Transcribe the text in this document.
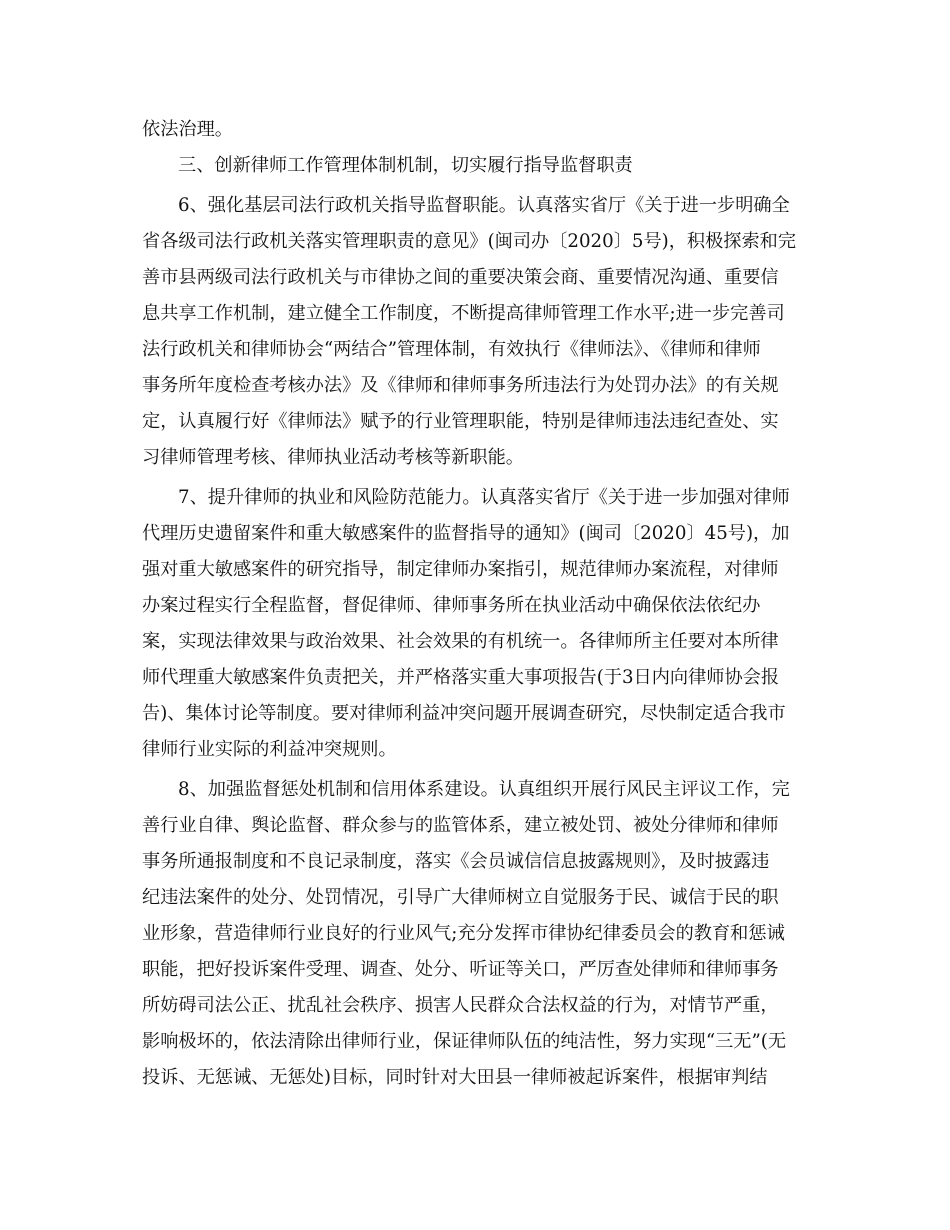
依法治理。
三、创新律师工作管理体制机制，切实履行指导监督职责
6、强化基层司法行政机关指导监督职能。认真落实省厅《关于进一步明确全
省各级司法行政机关落实管理职责的意见》(闽司办〔2020〕5号)，积极探索和完
善市县两级司法行政机关与市律协之间的重要决策会商、重要情况沟通、重要信
息共享工作机制，建立健全工作制度，不断提高律师管理工作水平;进一步完善司
法行政机关和律师协会“两结合”管理体制，有效执行《律师法》、《律师和律师
事务所年度检查考核办法》及《律师和律师事务所违法行为处罚办法》的有关规
定，认真履行好《律师法》赋予的行业管理职能，特别是律师违法违纪查处、实
习律师管理考核、律师执业活动考核等新职能。
7、提升律师的执业和风险防范能力。认真落实省厅《关于进一步加强对律师
代理历史遗留案件和重大敏感案件的监督指导的通知》(闽司〔2020〕45号)，加
强对重大敏感案件的研究指导，制定律师办案指引，规范律师办案流程，对律师
办案过程实行全程监督，督促律师、律师事务所在执业活动中确保依法依纪办
案，实现法律效果与政治效果、社会效果的有机统一。各律师所主任要对本所律
师代理重大敏感案件负责把关，并严格落实重大事项报告(于3日内向律师协会报
告)、集体讨论等制度。要对律师利益冲突问题开展调查研究，尽快制定适合我市
律师行业实际的利益冲突规则。
8、加强监督惩处机制和信用体系建设。认真组织开展行风民主评议工作，完
善行业自律、舆论监督、群众参与的监管体系，建立被处罚、被处分律师和律师
事务所通报制度和不良记录制度，落实《会员诚信信息披露规则》，及时披露违
纪违法案件的处分、处罚情况，引导广大律师树立自觉服务于民、诚信于民的职
业形象，营造律师行业良好的行业风气;充分发挥市律协纪律委员会的教育和惩诫
职能，把好投诉案件受理、调查、处分、听证等关口，严厉查处律师和律师事务
所妨碍司法公正、扰乱社会秩序、损害人民群众合法权益的行为，对情节严重，
影响极坏的，依法清除出律师行业，保证律师队伍的纯洁性，努力实现“三无”(无
投诉、无惩诫、无惩处)目标，同时针对大田县一律师被起诉案件，根据审判结
